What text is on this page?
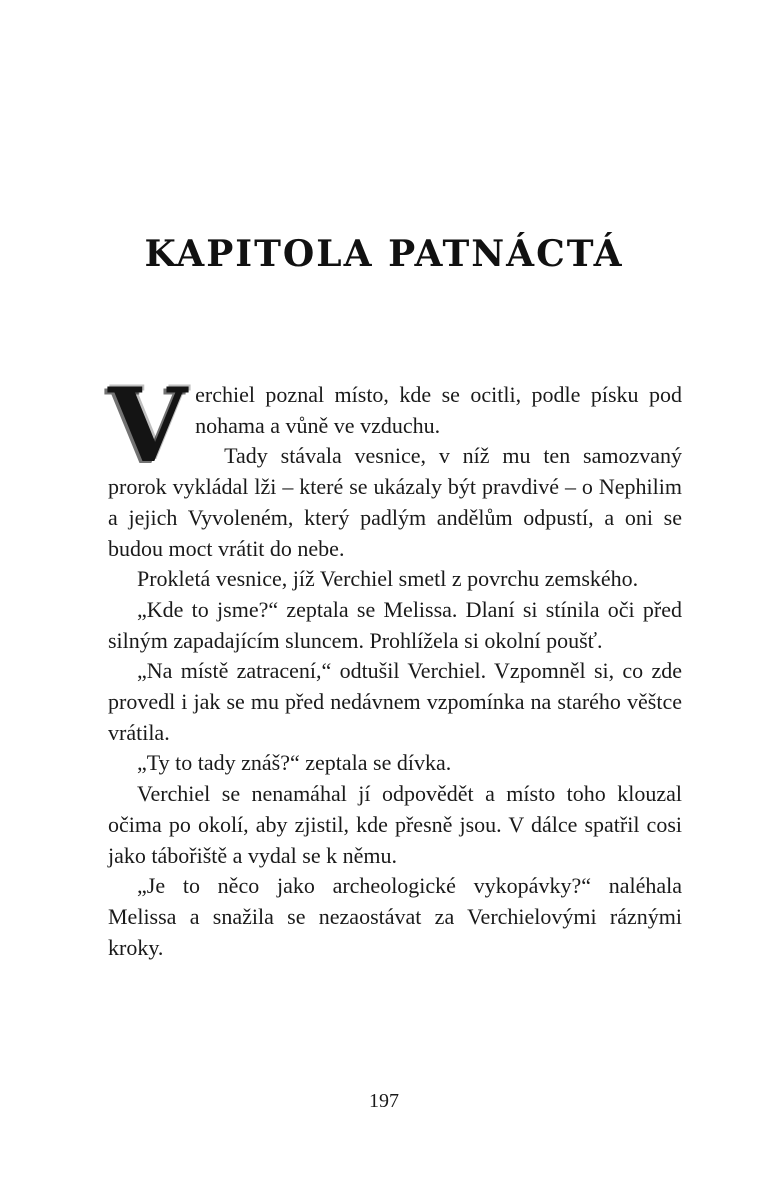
KAPITOLA PATNÁCTÁ

Verchiel poznal místo, kde se ocitli, podle písku pod nohama a vůně ve vzduchu.

Tady stávala vesnice, v níž mu ten samozvaný prorok vykládal lži – které se ukázaly být pravdivé – o Nephilim a jejich Vyvoleném, který padlým andělům odpustí, a oni se budou moct vrátit do nebe.

Prokletá vesnice, jíž Verchiel smetl z povrchu zemského.

„Kde to jsme?“ zeptala se Melissa. Dlaní si stínila oči před silným zapadajícím sluncem. Prohlížela si okolní poušť.

„Na místě zatracení,“ odtušil Verchiel. Vzpomněl si, co zde provedl i jak se mu před nedávnem vzpomínka na starého věštce vrátila.

„Ty to tady znáš?“ zeptala se dívka.

Verchiel se nenamáhal jí odpovědět a místo toho klouzal očima po okolí, aby zjistil, kde přesně jsou. V dálce spatřil cosi jako tábořiště a vydal se k němu.

„Je to něco jako archeologické vykopávky?“ naléhala Melissa a snažila se nezaostávat za Verchielovými ráznými kroky.

197
